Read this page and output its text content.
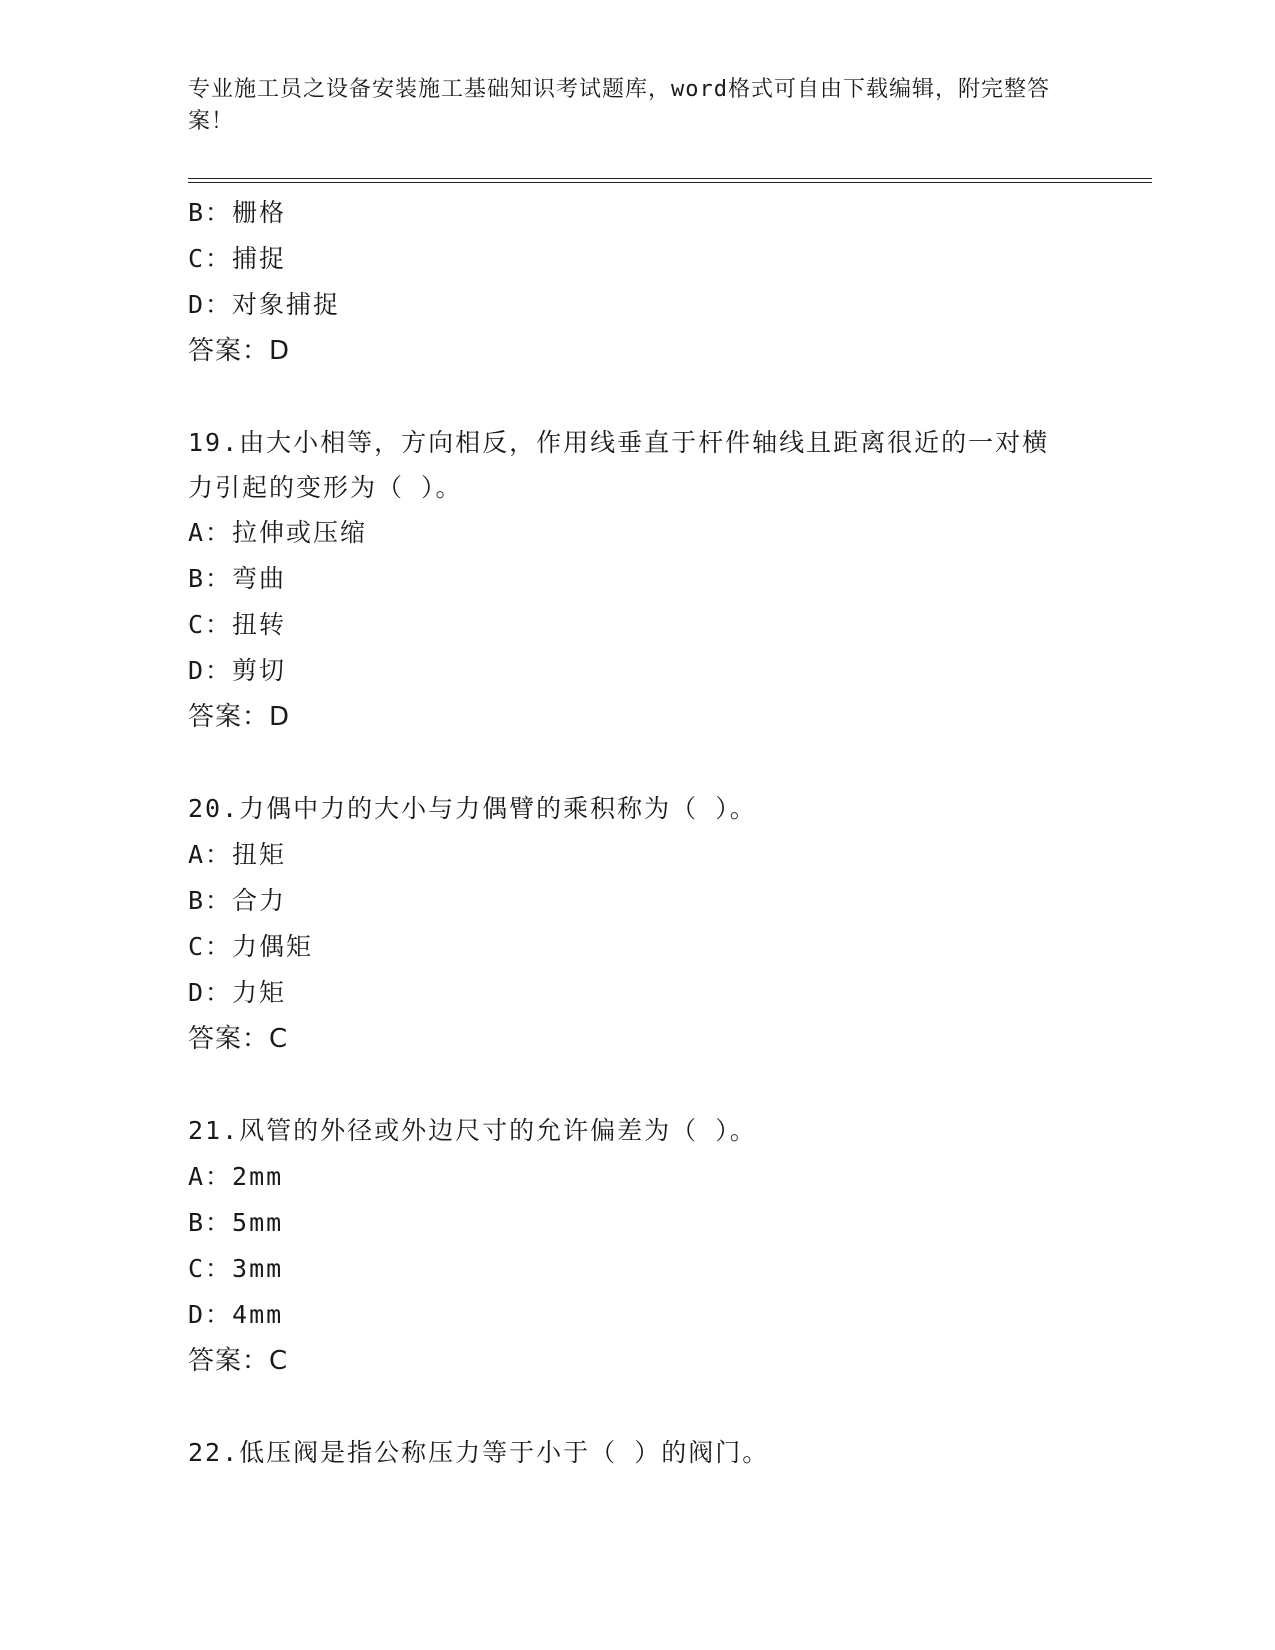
专业施工员之设备安装施工基础知识考试题库，word格式可自由下载编辑，附完整答案！
B：栅格
C：捕捉
D：对象捕捉
答案：D
19.由大小相等，方向相反，作用线垂直于杆件轴线且距离很近的一对横力引起的变形为（ ）。
A：拉伸或压缩
B：弯曲
C：扭转
D：剪切
答案：D
20.力偶中力的大小与力偶臂的乘积称为（ ）。
A：扭矩
B：合力
C：力偶矩
D：力矩
答案：C
21.风管的外径或外边尺寸的允许偏差为（ ）。
A：2mm
B：5mm
C：3mm
D：4mm
答案：C
22.低压阀是指公称压力等于小于（ ）的阀门。
